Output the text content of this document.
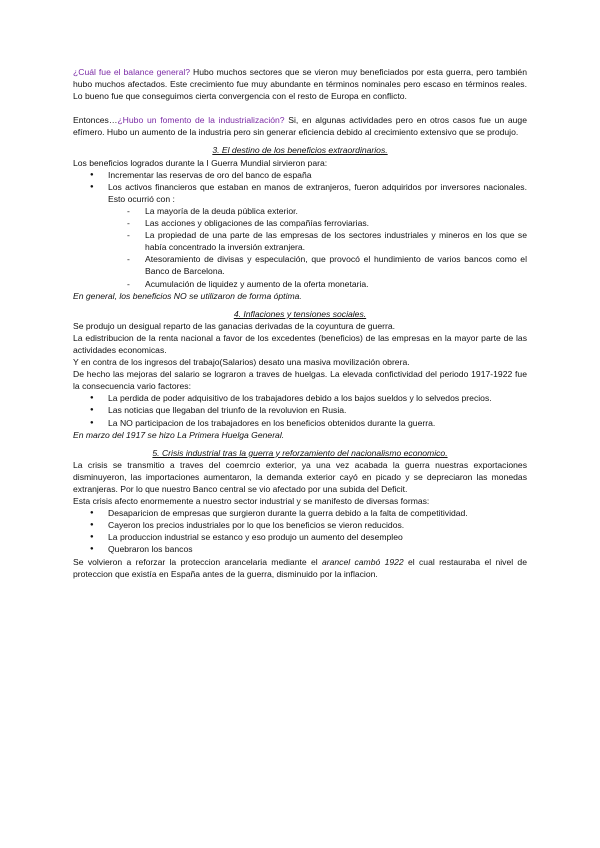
¿Cuál fue el balance general? Hubo muchos sectores que se vieron muy beneficiados por esta guerra, pero también hubo muchos afectados. Este crecimiento fue muy abundante en términos nominales pero escaso en términos reales. Lo bueno fue que conseguimos cierta convergencia con el resto de Europa en conflicto.

Entonces…¿Hubo un fomento de la industrialización? Si, en algunas actividades pero en otros casos fue un auge efímero. Hubo un aumento de la industria pero sin generar eficiencia debido al crecimiento extensivo que se produjo.

3. El destino de los beneficios extraordinarios.

Los beneficios logrados durante la I Guerra Mundial sirvieron para:

● Incrementar las reservas de oro del banco de españa
● Los activos financieros que estaban en manos de extranjeros, fueron adquiridos por inversores nacionales. Esto ocurrió con :
- La mayoría de la deuda pública exterior.
- Las acciones y obligaciones de las compañías ferroviarias.
- La propiedad de una parte de las empresas de los sectores industriales y mineros en los que se había concentrado la inversión extranjera.
- Atesoramiento de divisas y especulación, que provocó el hundimiento de varios bancos como el Banco de Barcelona.
- Acumulación de liquidez y aumento de la oferta monetaria.

En general, los beneficios NO se utilizaron de forma óptima.

4. Inflaciones y tensiones sociales.

Se produjo un desigual reparto de las ganacias derivadas de la coyuntura de guerra.

La edistribucion de la renta nacional a favor de los excedentes (beneficios) de las empresas en la mayor parte de las actividades economicas.

Y en contra de los ingresos del trabajo(Salarios) desato una masiva movilización obrera.

De hecho las mejoras del salario se lograron a traves de huelgas. La elevada confictividad del periodo 1917-1922 fue la consecuencia vario factores:

● La perdida de poder adquisitivo de los trabajadores debido a los bajos sueldos y lo selvedos precios.
● Las noticias que llegaban del triunfo de la revoluvion en Rusia.
● La NO participacion de los trabajadores en los beneficios obtenidos durante la guerra.

En marzo del 1917 se hizo La Primera Huelga General.

5. Crisis industrial tras la guerra y reforzamiento del nacionalismo economico.

La crisis se transmitio a traves del coemrcio exterior, ya una vez acabada la guerra nuestras exportaciones disminuyeron, las importaciones aumentaron, la demanda exterior cayó en picado y se depreciaron las monedas extranjeras. Por lo que nuestro Banco central se vio afectado por una subida del Deficit.

Esta crisis afecto enormemente a nuestro sector industrial y se manifesto de diversas formas:

● Desaparicion de empresas que surgieron durante la guerra debido a la falta de competitividad.
● Cayeron los precios industriales por lo que los beneficios se vieron reducidos.
● La produccion industrial se estanco y eso produjo un aumento del desempleo
● Quebraron los bancos

Se volvieron a reforzar la proteccion arancelaria mediante el arancel cambó 1922 el cual restauraba el nivel de proteccion que existía en España antes de la guerra, disminuido por la inflacion.
